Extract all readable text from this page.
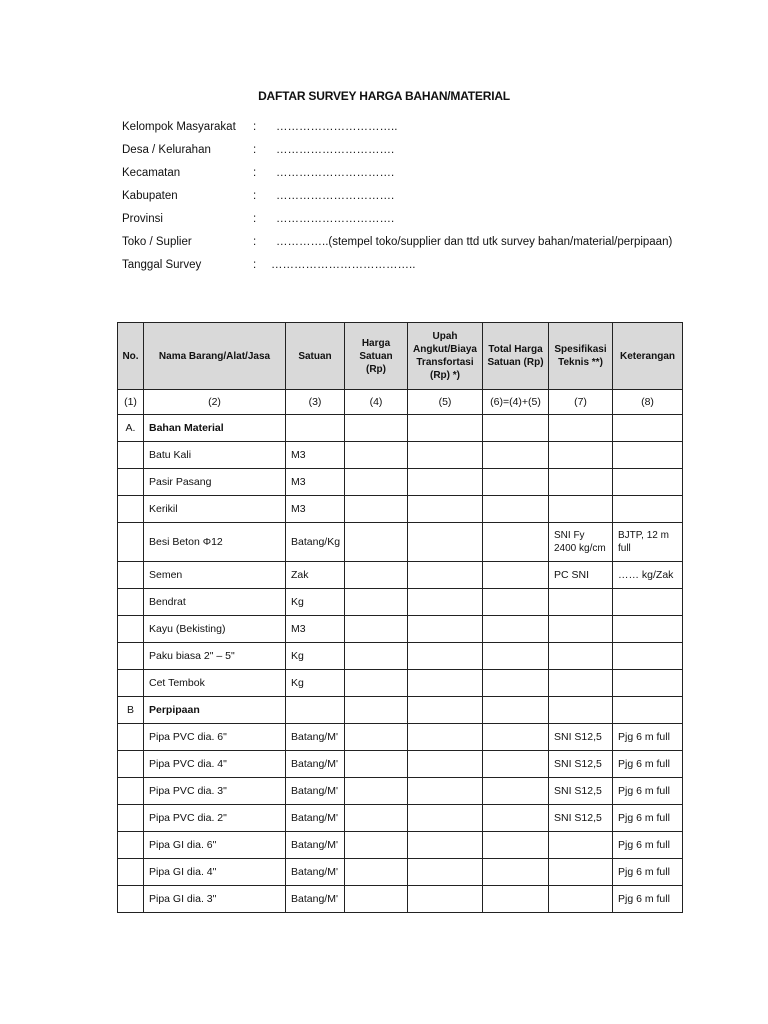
DAFTAR SURVEY HARGA BAHAN/MATERIAL
Kelompok Masyarakat : …………………………..
Desa / Kelurahan	: ………………………….
Kecamatan	: ………………………….
Kabupaten	: ………………………….
Provinsi	: ………………………….
Toko / Suplier	: …………..(stempel toko/supplier dan ttd utk survey bahan/material/perpipaan)
Tanggal Survey	: ………………………………..
No.	Nama Barang/Alat/Jasa	Satuan	Harga Satuan (Rp)	Upah Angkut/Biaya Transfortasi (Rp) *)	Total Harga Satuan (Rp)	Spesifikasi Teknis **)	Keterangan
(1)	(2)	(3)	(4)	(5)	(6)=(4)+(5)	(7)	(8)
A.	Bahan Material						
	Batu Kali	M3					
	Pasir Pasang	M3					
	Kerikil	M3					
	Besi Beton Φ12	Batang/Kg				SNI Fy 2400 kg/cm	BJTP, 12 m full
	Semen	Zak				PC SNI	…… kg/Zak
	Bendrat	Kg					
	Kayu (Bekisting)	M3					
	Paku biasa 2" – 5"	Kg					
	Cet Tembok	Kg					
B	Perpipaan						
	Pipa PVC dia. 6"	Batang/M'				SNI S12,5	Pjg 6 m full
	Pipa PVC dia. 4"	Batang/M'				SNI S12,5	Pjg 6 m full
	Pipa PVC dia. 3"	Batang/M'				SNI S12,5	Pjg 6 m full
	Pipa PVC dia. 2"	Batang/M'				SNI S12,5	Pjg 6 m full
	Pipa GI dia. 6"	Batang/M'					Pjg 6 m full
	Pipa GI dia. 4"	Batang/M'					Pjg 6 m full
	Pipa GI dia. 3"	Batang/M'					Pjg 6 m full
